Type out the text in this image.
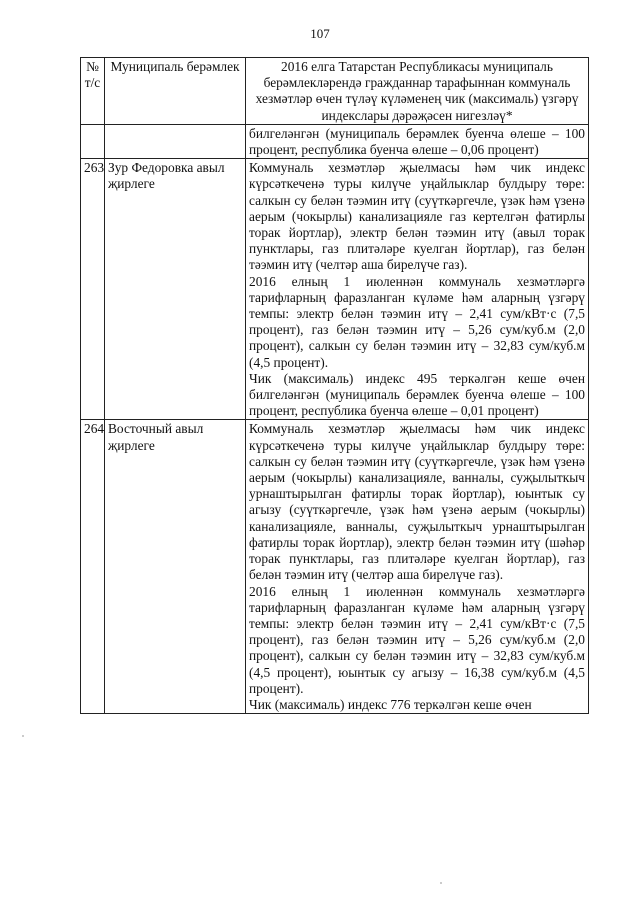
107
№ т/с	Муниципаль берәмлек	2016 елга Татарстан Республикасы муниципаль берәмлекләрендә гражданнар тарафыннан коммуналь хезмәтләр өчен түләү күләменең чик (максималь) үзгәрү индекслары дәрәҗәсен нигезләү*

		билгеләнгән (муниципаль берәмлек буенча өлеше – 100 процент, республика буенча өлеше – 0,06 процент)

263	Зур Федоровка авыл җирлеге	Коммуналь хезмәтләр җыелмасы һәм чик индекс күрсәткеченә туры килүче уңайлыклар булдыру төре: салкын су белән тәэмин итү (суүткәргечле, үзәк һәм үзенә аерым (чокырлы) канализацияле газ кертелгән фатирлы торак йортлар), электр белән тәэмин итү (авыл торак пунктлары, газ плитәләре куелган йортлар), газ белән тәэмин итү (челтәр аша бирелүче газ).

2016 елның 1 июленнән коммуналь хезмәтләргә тарифларның фаразланган күләме һәм аларның үзгәрү темпы: электр белән тәэмин итү – 2,41 сум/кВт·с (7,5 процент), газ белән тәэмин итү – 5,26 сум/куб.м (2,0 процент), салкын су белән тәэмин итү – 32,83 сум/куб.м (4,5 процент).

Чик (максималь) индекс 495 теркәлгән кеше өчен билгеләнгән (муниципаль берәмлек буенча өлеше – 100 процент, республика буенча өлеше – 0,01 процент)

264	Восточный авыл җирлеге	Коммуналь хезмәтләр җыелмасы һәм чик индекс күрсәткеченә туры килүче уңайлыклар булдыру төре: салкын су белән тәэмин итү (суүткәргечле, үзәк һәм үзенә аерым (чокырлы) канализацияле, ванналы, суҗылыткыч урнаштырылган фатирлы торак йортлар), юынтык су агызу (суүткәргечле, үзәк һәм үзенә аерым (чокырлы) канализацияле, ванналы, суҗылыткыч урнаштырылган фатирлы торак йортлар), электр белән тәэмин итү (шәһәр торак пунктлары, газ плитәләре куелган йортлар), газ белән тәэмин итү (челтәр аша бирелүче газ).

2016 елның 1 июленнән коммуналь хезмәтләргә тарифларның фаразланган күләме һәм аларның үзгәрү темпы: электр белән тәэмин итү – 2,41 сум/кВт·с (7,5 процент), газ белән тәэмин итү – 5,26 сум/куб.м (2,0 процент), салкын су белән тәэмин итү – 32,83 сум/куб.м (4,5 процент), юынтык су агызу – 16,38 сум/куб.м (4,5 процент).

Чик (максималь) индекс 776 теркәлгән кеше өчен
